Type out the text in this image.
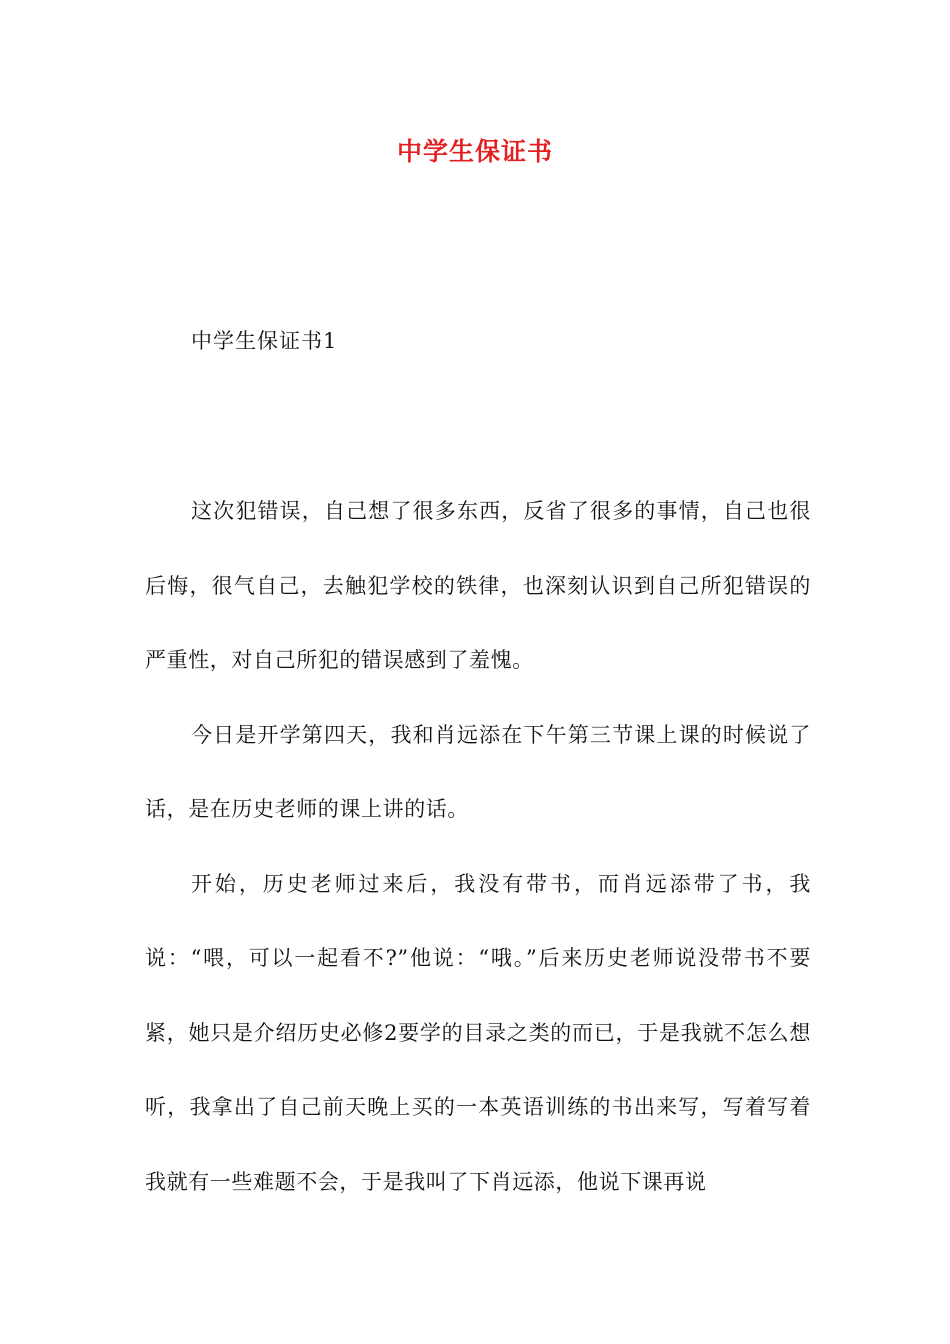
中学生保证书
中学生保证书1

这次犯错误，自己想了很多东西，反省了很多的事情，自己也很后悔，很气自己，去触犯学校的铁律，也深刻认识到自己所犯错误的严重性，对自己所犯的错误感到了羞愧。

今日是开学第四天，我和肖远添在下午第三节课上课的时候说了话，是在历史老师的课上讲的话。

开始，历史老师过来后，我没有带书，而肖远添带了书，我说：“喂，可以一起看不?”他说：“哦。”后来历史老师说没带书不要紧，她只是介绍历史必修2要学的目录之类的而已，于是我就不怎么想听，我拿出了自己前天晚上买的一本英语训练的书出来写，写着写着我就有一些难题不会，于是我叫了下肖远添，他说下课再说
